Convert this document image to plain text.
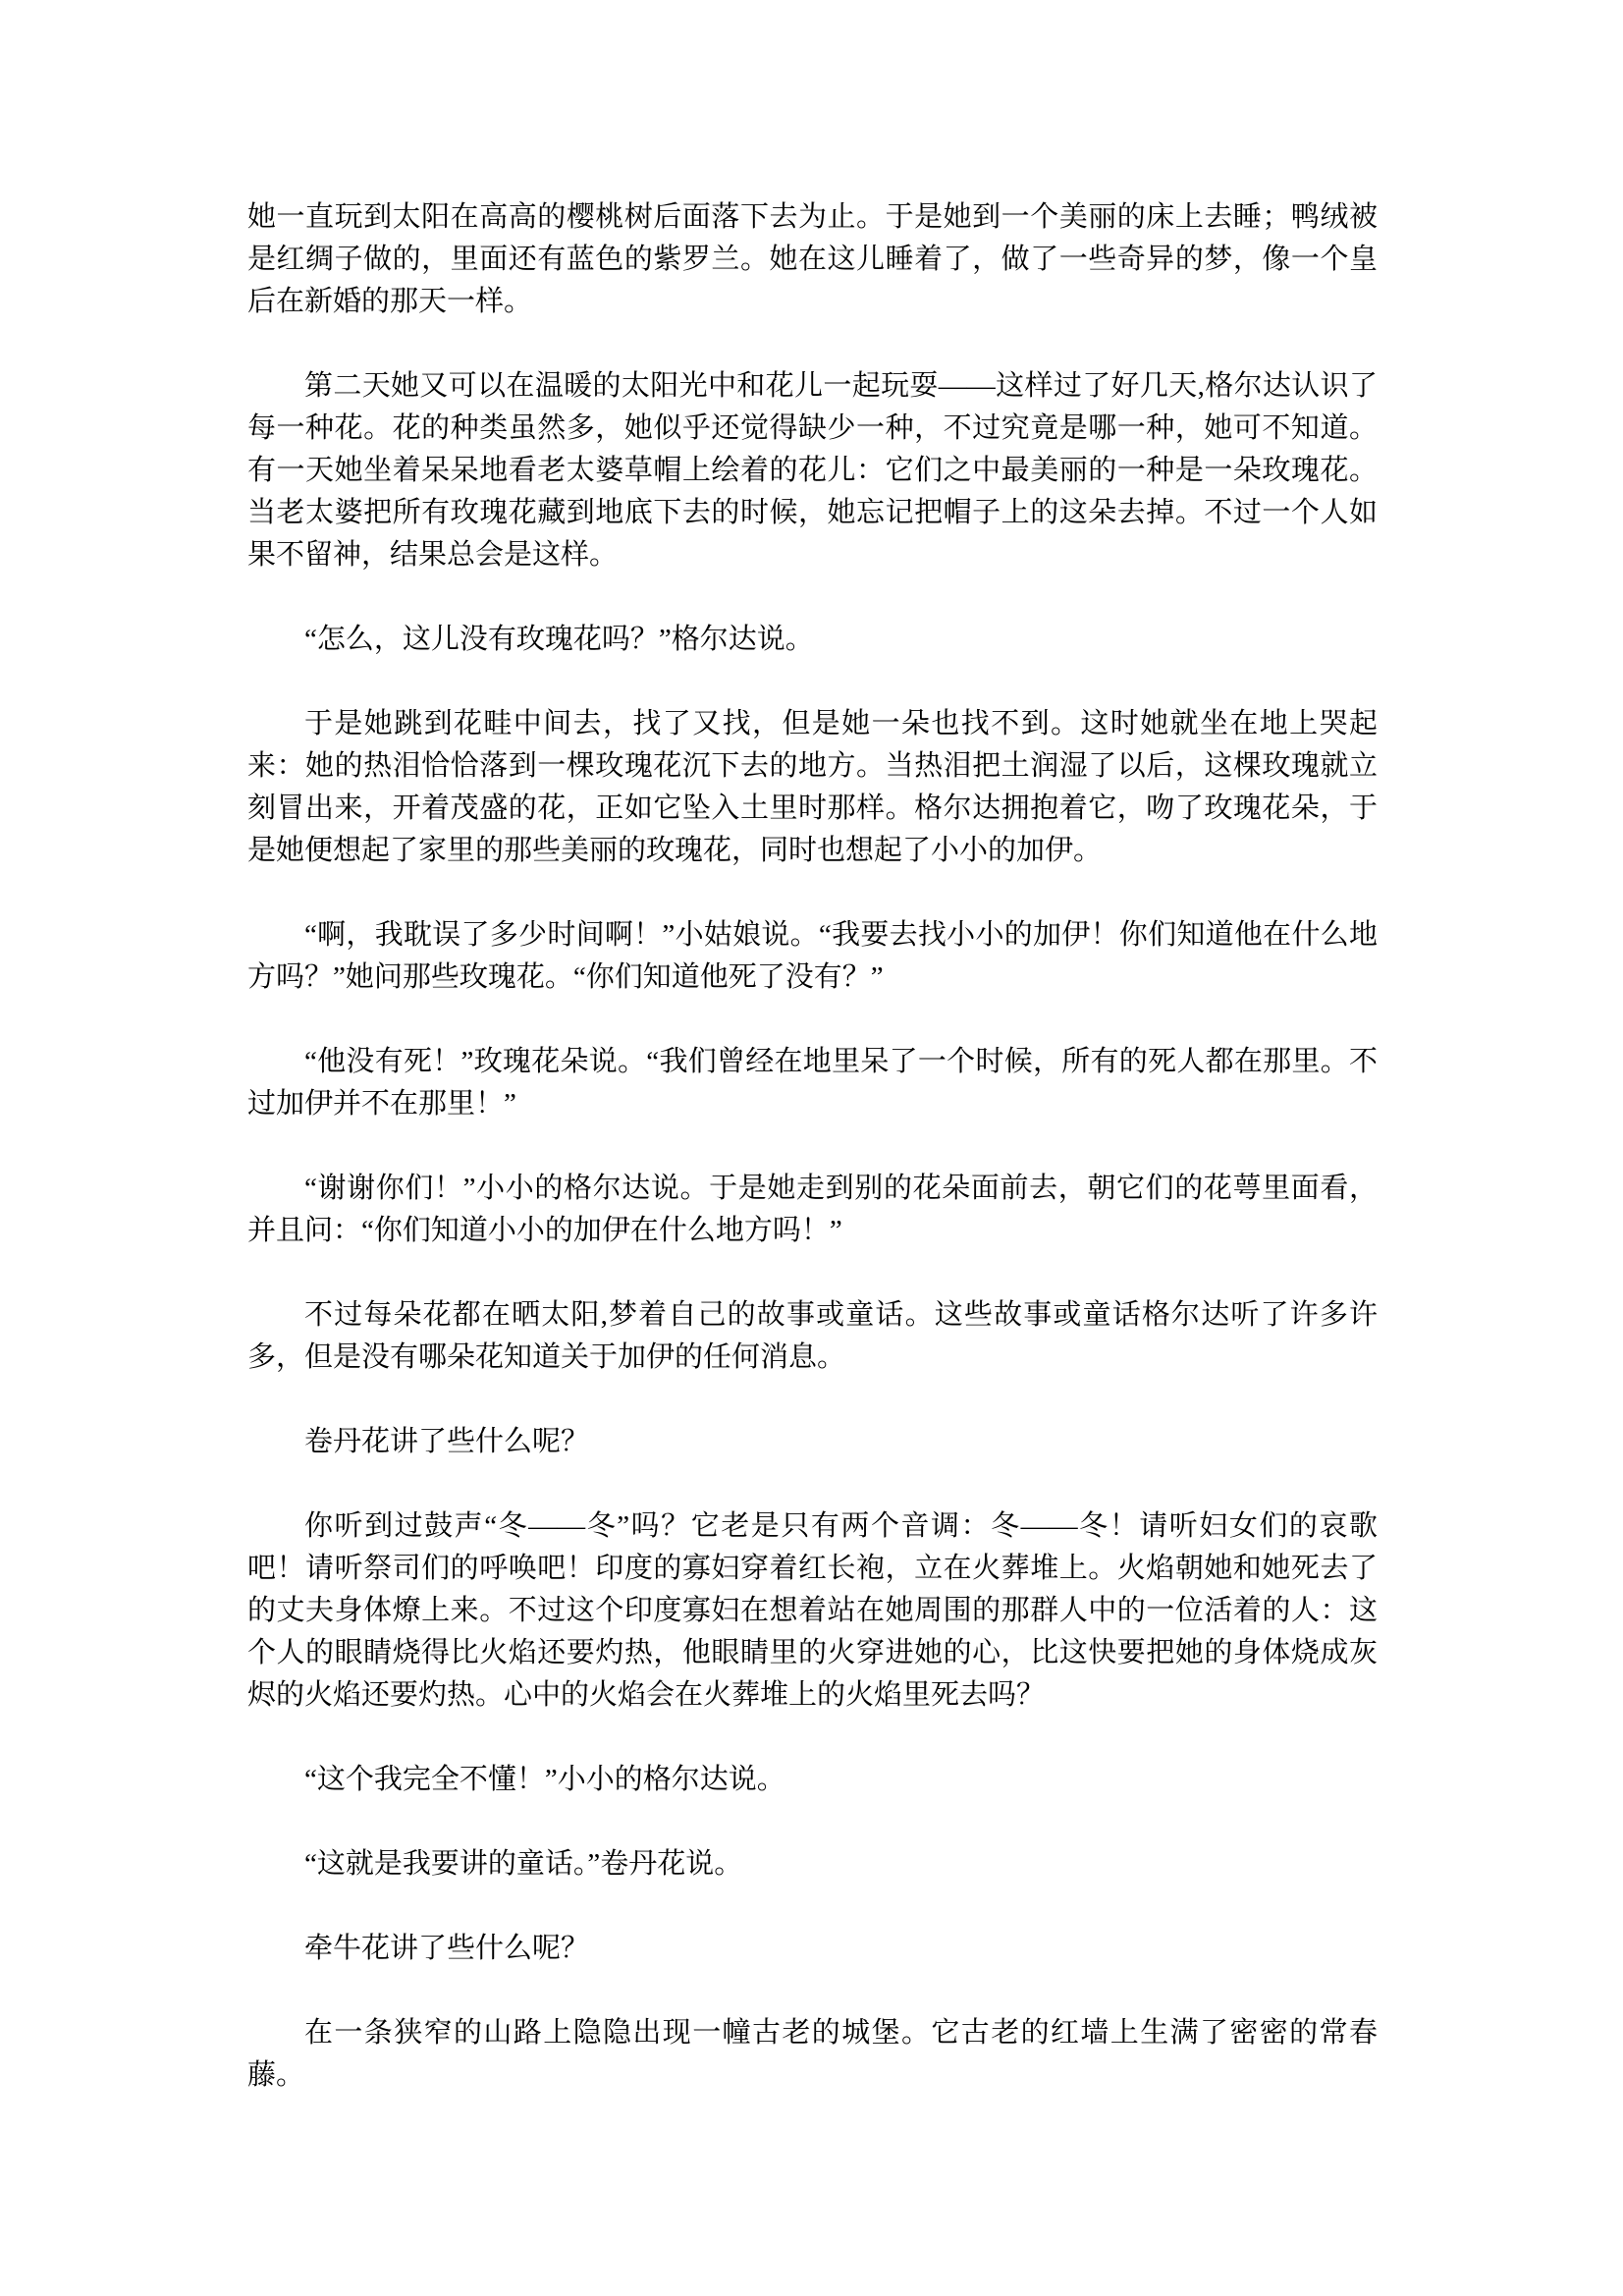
她一直玩到太阳在高高的樱桃树后面落下去为止。于是她到一个美丽的床上去睡；鸭绒被是红绸子做的，里面还有蓝色的紫罗兰。她在这儿睡着了，做了一些奇异的梦，像一个皇后在新婚的那天一样。

第二天她又可以在温暖的太阳光中和花儿一起玩耍——这样过了好几天,格尔达认识了每一种花。花的种类虽然多，她似乎还觉得缺少一种，不过究竟是哪一种，她可不知道。有一天她坐着呆呆地看老太婆草帽上绘着的花儿：它们之中最美丽的一种是一朵玫瑰花。当老太婆把所有玫瑰花藏到地底下去的时候，她忘记把帽子上的这朵去掉。不过一个人如果不留神，结果总会是这样。

“怎么，这儿没有玫瑰花吗？”格尔达说。

于是她跳到花畦中间去，找了又找，但是她一朵也找不到。这时她就坐在地上哭起来：她的热泪恰恰落到一棵玫瑰花沉下去的地方。当热泪把土润湿了以后，这棵玫瑰就立刻冒出来，开着茂盛的花，正如它坠入土里时那样。格尔达拥抱着它，吻了玫瑰花朵，于是她便想起了家里的那些美丽的玫瑰花，同时也想起了小小的加伊。

“啊，我耽误了多少时间啊！”小姑娘说。“我要去找小小的加伊！你们知道他在什么地方吗？”她问那些玫瑰花。“你们知道他死了没有？”

“他没有死！”玫瑰花朵说。“我们曾经在地里呆了一个时候，所有的死人都在那里。不过加伊并不在那里！”

“谢谢你们！”小小的格尔达说。于是她走到别的花朵面前去，朝它们的花萼里面看，并且问：“你们知道小小的加伊在什么地方吗！”

不过每朵花都在晒太阳,梦着自己的故事或童话。这些故事或童话格尔达听了许多许多，但是没有哪朵花知道关于加伊的任何消息。

卷丹花讲了些什么呢？

你听到过鼓声“冬——冬”吗？它老是只有两个音调：冬——冬！请听妇女们的哀歌吧！请听祭司们的呼唤吧！印度的寡妇穿着红长袍，立在火葬堆上。火焰朝她和她死去了的丈夫身体燎上来。不过这个印度寡妇在想着站在她周围的那群人中的一位活着的人：这个人的眼睛烧得比火焰还要灼热，他眼睛里的火穿进她的心，比这快要把她的身体烧成灰烬的火焰还要灼热。心中的火焰会在火葬堆上的火焰里死去吗？

“这个我完全不懂！”小小的格尔达说。

“这就是我要讲的童话。”卷丹花说。

牵牛花讲了些什么呢？

在一条狭窄的山路上隐隐出现一幢古老的城堡。它古老的红墙上生满了密密的常春藤。
